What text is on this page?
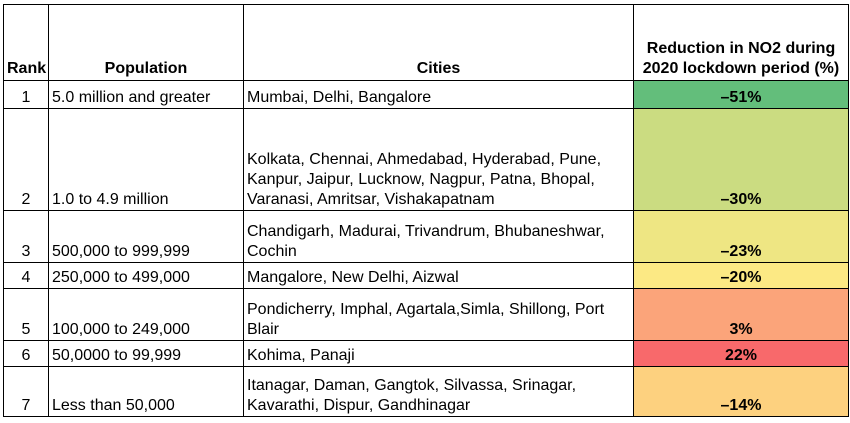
Rank	Population	Cities	Reduction in NO2 during 2020 lockdown period (%)
1	5.0 million and greater	Mumbai, Delhi, Bangalore	–51%
2	1.0 to 4.9 million	Kolkata, Chennai, Ahmedabad, Hyderabad, Pune, Kanpur, Jaipur, Lucknow, Nagpur, Patna, Bhopal, Varanasi, Amritsar, Vishakapatnam	–30%
3	500,000 to 999,999	Chandigarh, Madurai, Trivandrum, Bhubaneshwar, Cochin	–23%
4	250,000 to 499,000	Mangalore, New Delhi, Aizwal	–20%
5	100,000 to 249,000	Pondicherry, Imphal, Agartala,Simla, Shillong, Port Blair	3%
6	50,0000 to 99,999	Kohima, Panaji	22%
7	Less than 50,000	Itanagar, Daman, Gangtok, Silvassa, Srinagar, Kavarathi, Dispur, Gandhinagar	–14%
